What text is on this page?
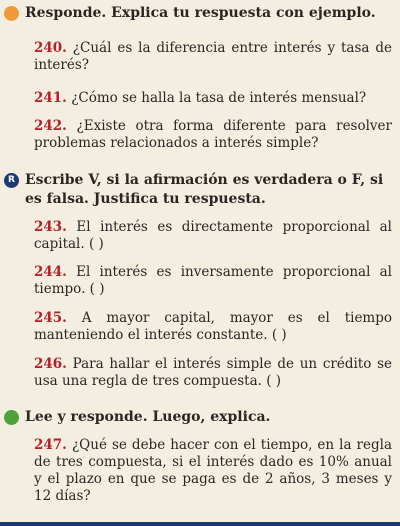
Responde. Explica tu respuesta con ejemplo.
240. ¿Cuál es la diferencia entre interés y tasa de interés?
241. ¿Cómo se halla la tasa de interés mensual?
242. ¿Existe otra forma diferente para resolver problemas relacionados a interés simple?
R Escribe V, si la afirmación es verdadera o F, si es falsa. Justifica tu respuesta.
243. El interés es directamente proporcional al capital. ( )
244. El interés es inversamente proporcional al tiempo. ( )
245. A mayor capital, mayor es el tiempo manteniendo el interés constante. ( )
246. Para hallar el interés simple de un crédito se usa una regla de tres compuesta. ( )
Lee y responde. Luego, explica.
247. ¿Qué se debe hacer con el tiempo, en la regla de tres compuesta, si el interés dado es 10% anual y el plazo en que se paga es de 2 años, 3 meses y 12 días?
